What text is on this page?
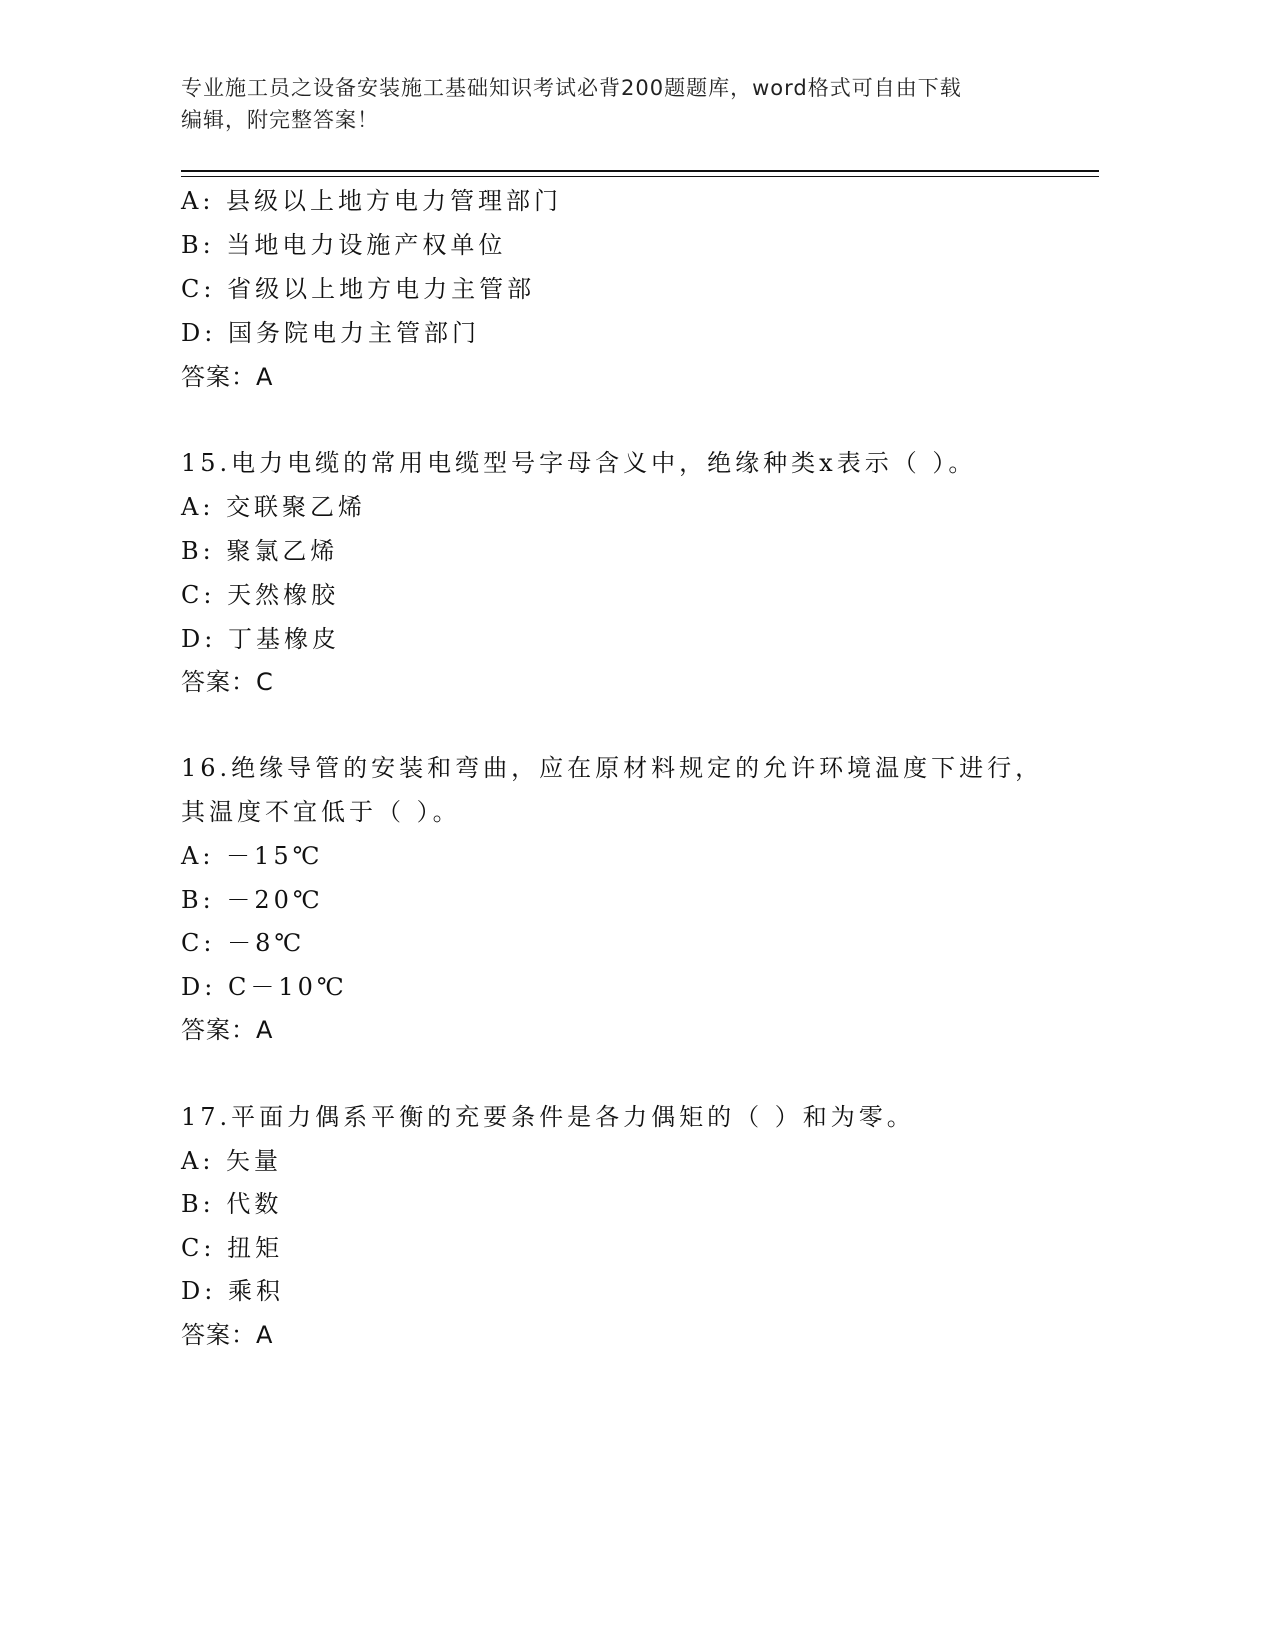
专业施工员之设备安装施工基础知识考试必背200题题库，word格式可自由下载
编辑，附完整答案！
A: 县级以上地方电力管理部门
B: 当地电力设施产权单位
C: 省级以上地方电力主管部
D: 国务院电力主管部门
答案：A
15.电力电缆的常用电缆型号字母含义中，绝缘种类x表示（ ）。
A: 交联聚乙烯
B: 聚氯乙烯
C: 天然橡胶
D: 丁基橡皮
答案：C
16.绝缘导管的安装和弯曲，应在原材料规定的允许环境温度下进行，
其温度不宜低于（ ）。
A: －15℃
B: －20℃
C: －8℃
D: C－10℃
答案：A
17.平面力偶系平衡的充要条件是各力偶矩的（ ）和为零。
A: 矢量
B: 代数
C: 扭矩
D: 乘积
答案：A
